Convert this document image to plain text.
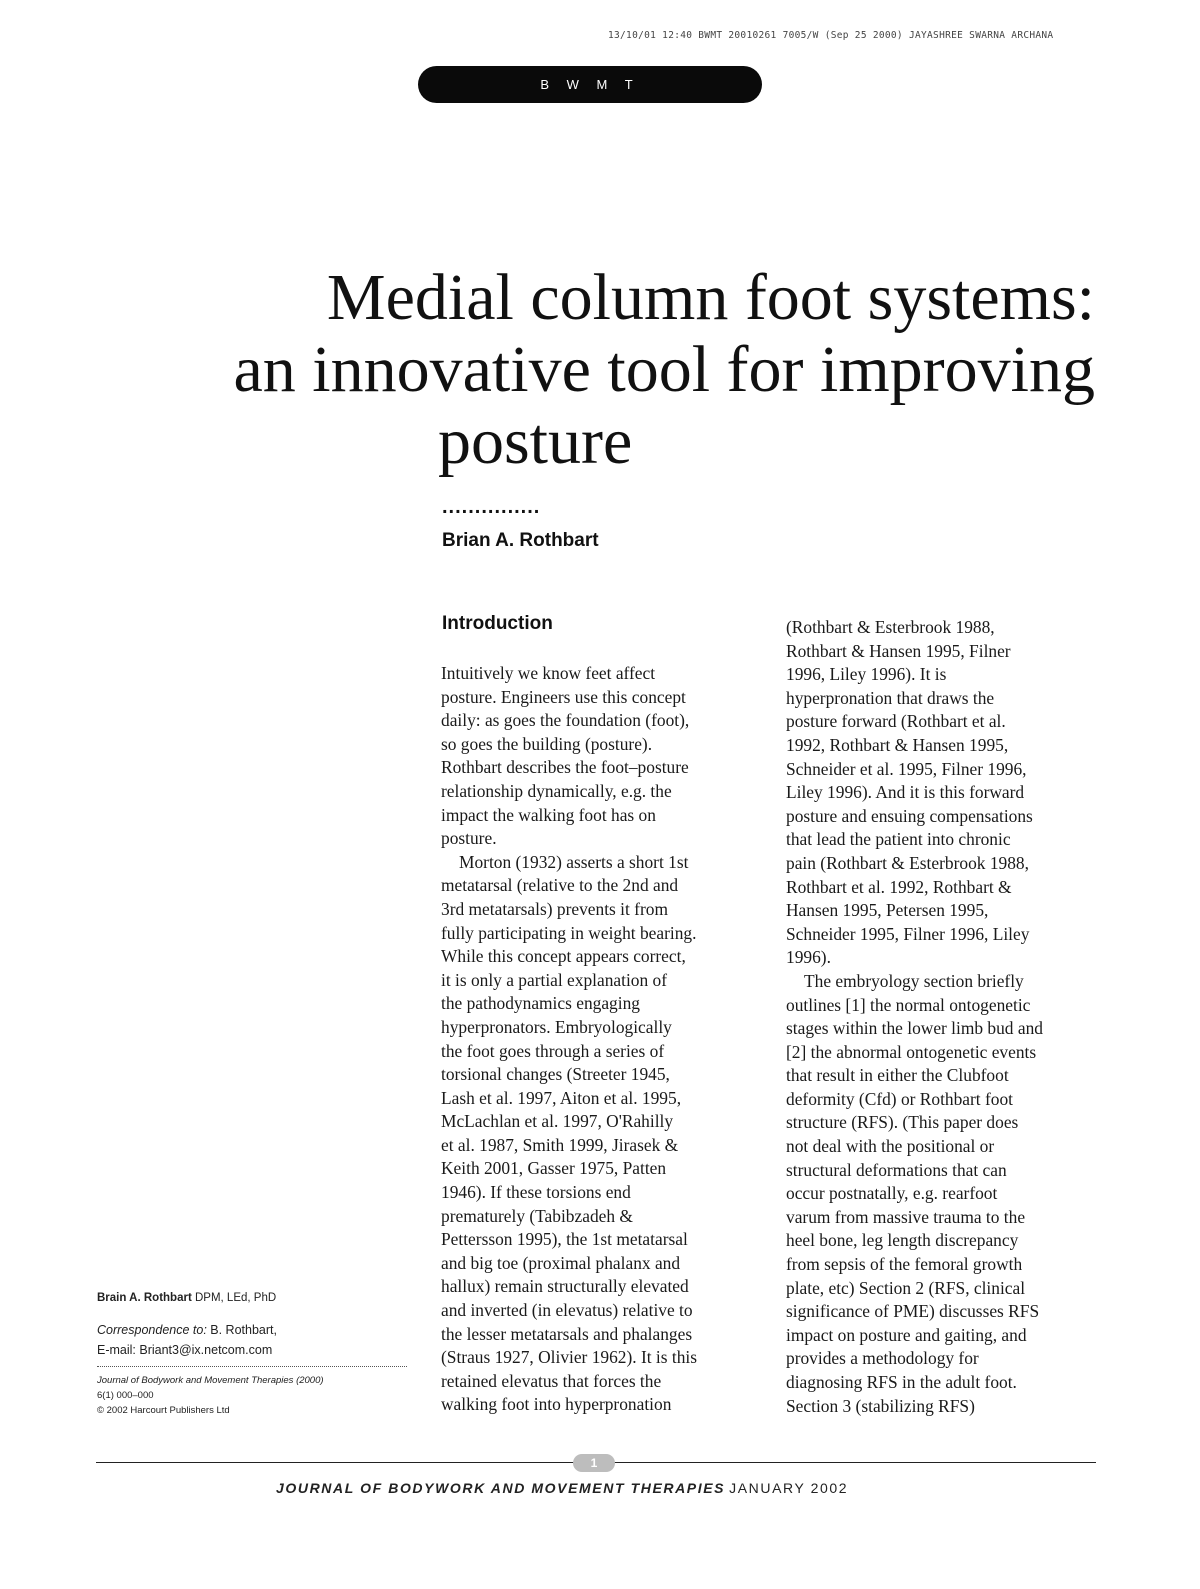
13/10/01 12:40 BWMT 20010261 7005/W (Sep 25 2000) JAYASHREE SWARNA ARCHANA
B W M T
Medial column foot systems:
an innovative tool for improving
posture
...............
Brian A. Rothbart
Introduction

Intuitively we know feet affect
posture. Engineers use this concept
daily: as goes the foundation (foot),
so goes the building (posture).
Rothbart describes the foot–posture
relationship dynamically, e.g. the
impact the walking foot has on
posture.

Morton (1932) asserts a short 1st
metatarsal (relative to the 2nd and
3rd metatarsals) prevents it from
fully participating in weight bearing.
While this concept appears correct,
it is only a partial explanation of
the pathodynamics engaging
hyperpronators. Embryologically
the foot goes through a series of
torsional changes (Streeter 1945,
Lash et al. 1997, Aiton et al. 1995,
McLachlan et al. 1997, O'Rahilly
et al. 1987, Smith 1999, Jirasek &
Keith 2001, Gasser 1975, Patten
1946). If these torsions end
prematurely (Tabibzadeh &
Pettersson 1995), the 1st metatarsal
and big toe (proximal phalanx and
hallux) remain structurally elevated
and inverted (in elevatus) relative to
the lesser metatarsals and phalanges
(Straus 1927, Olivier 1962). It is this
retained elevatus that forces the
walking foot into hyperpronation

(Rothbart & Esterbrook 1988,
Rothbart & Hansen 1995, Filner
1996, Liley 1996). It is
hyperpronation that draws the
posture forward (Rothbart et al.
1992, Rothbart & Hansen 1995,
Schneider et al. 1995, Filner 1996,
Liley 1996). And it is this forward
posture and ensuing compensations
that lead the patient into chronic
pain (Rothbart & Esterbrook 1988,
Rothbart et al. 1992, Rothbart &
Hansen 1995, Petersen 1995,
Schneider 1995, Filner 1996, Liley
1996).

The embryology section briefly
outlines [1] the normal ontogenetic
stages within the lower limb bud and
[2] the abnormal ontogenetic events
that result in either the Clubfoot
deformity (Cfd) or Rothbart foot
structure (RFS). (This paper does
not deal with the positional or
structural deformations that can
occur postnatally, e.g. rearfoot
varum from massive trauma to the
heel bone, leg length discrepancy
from sepsis of the femoral growth
plate, etc) Section 2 (RFS, clinical
significance of PME) discusses RFS
impact on posture and gaiting, and
provides a methodology for
diagnosing RFS in the adult foot.
Section 3 (stabilizing RFS)

Brain A. Rothbart DPM, LEd, PhD
Correspondence to: B. Rothbart,
E-mail: Briant3@ix.netcom.com
Journal of Bodywork and Movement Therapies (2000)
6(1) 000–000
© 2002 Harcourt Publishers Ltd
1
JOURNAL OF BODYWORK AND MOVEMENT THERAPIES JANUARY 2002
